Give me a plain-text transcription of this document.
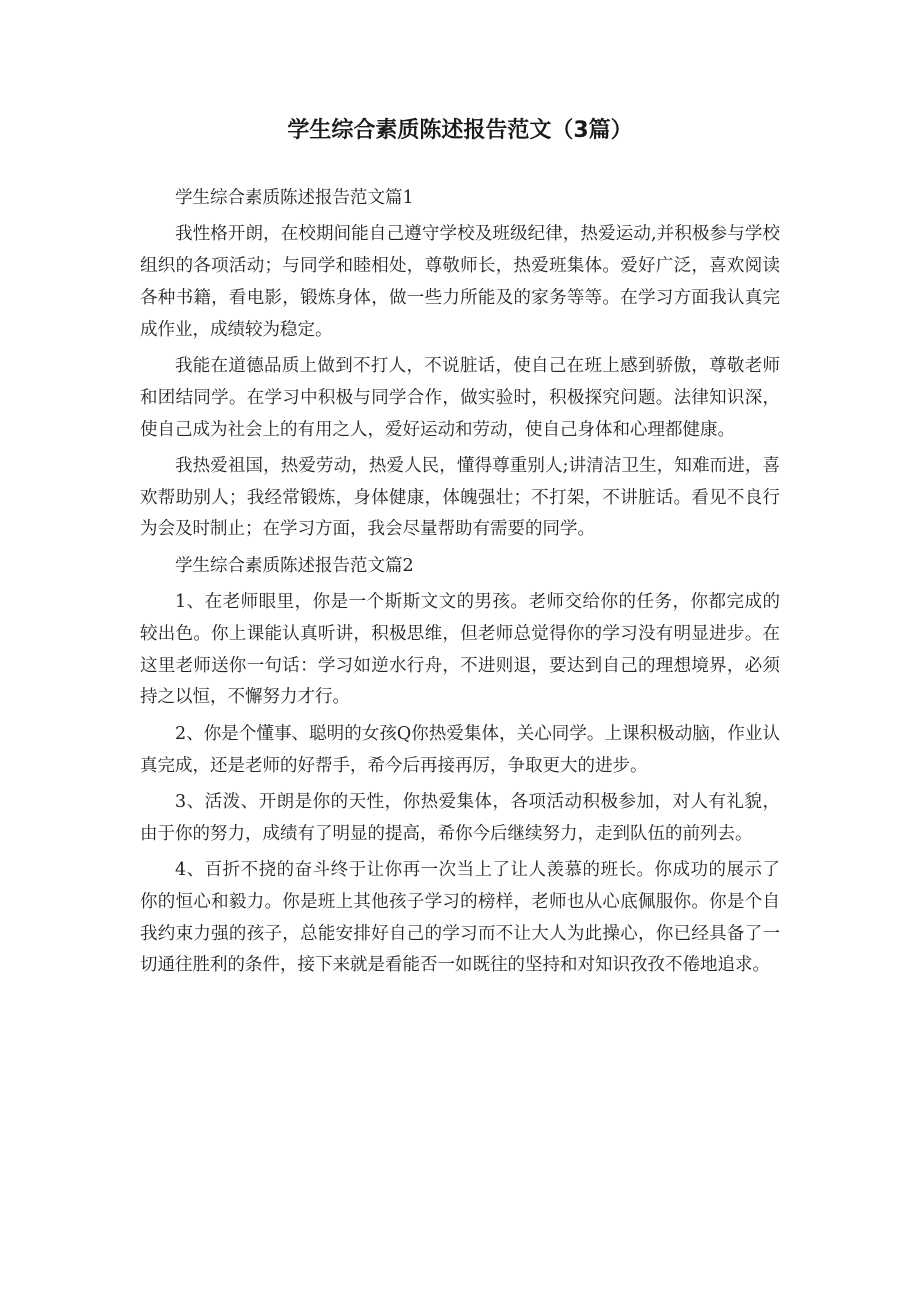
学生综合素质陈述报告范文（3篇）

学生综合素质陈述报告范文篇1

我性格开朗，在校期间能自己遵守学校及班级纪律，热爱运动,并积极参与学校组织的各项活动；与同学和睦相处，尊敬师长，热爱班集体。爱好广泛，喜欢阅读各种书籍，看电影，锻炼身体，做一些力所能及的家务等等。在学习方面我认真完成作业，成绩较为稳定。

我能在道德品质上做到不打人，不说脏话，使自己在班上感到骄傲，尊敬老师和团结同学。在学习中积极与同学合作，做实验时，积极探究问题。法律知识深，使自己成为社会上的有用之人，爱好运动和劳动，使自己身体和心理都健康。

我热爱祖国，热爱劳动，热爱人民，懂得尊重别人;讲清洁卫生，知难而进，喜欢帮助别人；我经常锻炼，身体健康，体魄强壮；不打架，不讲脏话。看见不良行为会及时制止；在学习方面，我会尽量帮助有需要的同学。

学生综合素质陈述报告范文篇2

1、在老师眼里，你是一个斯斯文文的男孩。老师交给你的任务，你都完成的较出色。你上课能认真听讲，积极思维，但老师总觉得你的学习没有明显进步。在这里老师送你一句话：学习如逆水行舟，不进则退，要达到自己的理想境界，必须持之以恒，不懈努力才行。

2、你是个懂事、聪明的女孩Q你热爱集体，关心同学。上课积极动脑，作业认真完成，还是老师的好帮手，希今后再接再厉，争取更大的进步。

3、活泼、开朗是你的天性，你热爱集体，各项活动积极参加，对人有礼貌，由于你的努力，成绩有了明显的提高，希你今后继续努力，走到队伍的前列去。

4、百折不挠的奋斗终于让你再一次当上了让人羡慕的班长。你成功的展示了你的恒心和毅力。你是班上其他孩子学习的榜样，老师也从心底佩服你。你是个自我约束力强的孩子，总能安排好自己的学习而不让大人为此操心，你已经具备了一切通往胜利的条件，接下来就是看能否一如既往的坚持和对知识孜孜不倦地追求。
